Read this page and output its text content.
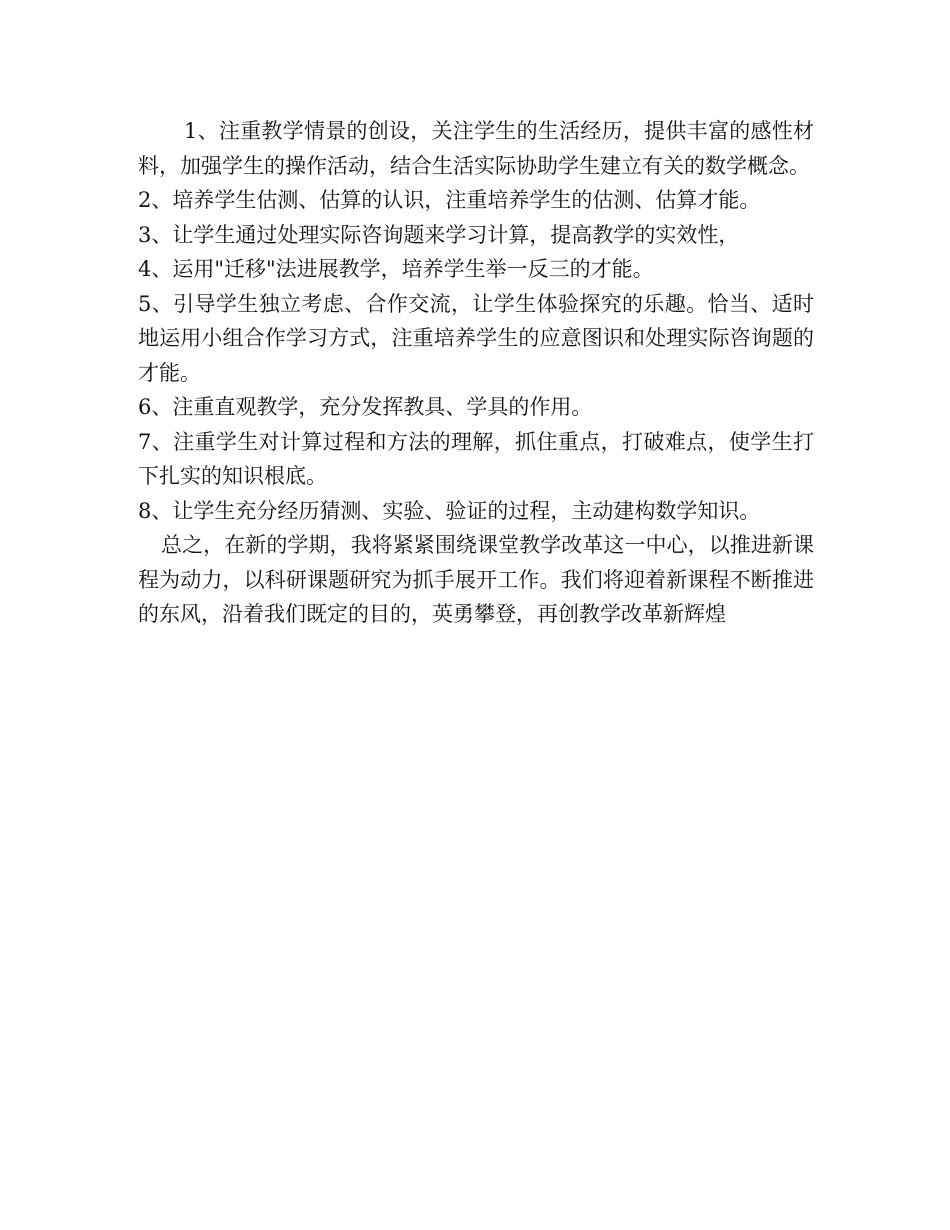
1、注重教学情景的创设，关注学生的生活经历，提供丰富的感性材料，加强学生的操作活动，结合生活实际协助学生建立有关的数学概念。

2、培养学生估测、估算的认识，注重培养学生的估测、估算才能。

3、让学生通过处理实际咨询题来学习计算，提高教学的实效性，

4、运用"迁移"法进展教学，培养学生举一反三的才能。

5、引导学生独立考虑、合作交流，让学生体验探究的乐趣。恰当、适时地运用小组合作学习方式，注重培养学生的应意图识和处理实际咨询题的才能。

6、注重直观教学，充分发挥教具、学具的作用。

7、注重学生对计算过程和方法的理解，抓住重点，打破难点，使学生打下扎实的知识根底。

8、让学生充分经历猜测、实验、验证的过程，主动建构数学知识。

总之，在新的学期，我将紧紧围绕课堂教学改革这一中心，以推进新课程为动力，以科研课题研究为抓手展开工作。我们将迎着新课程不断推进的东风，沿着我们既定的目的，英勇攀登，再创教学改革新辉煌
